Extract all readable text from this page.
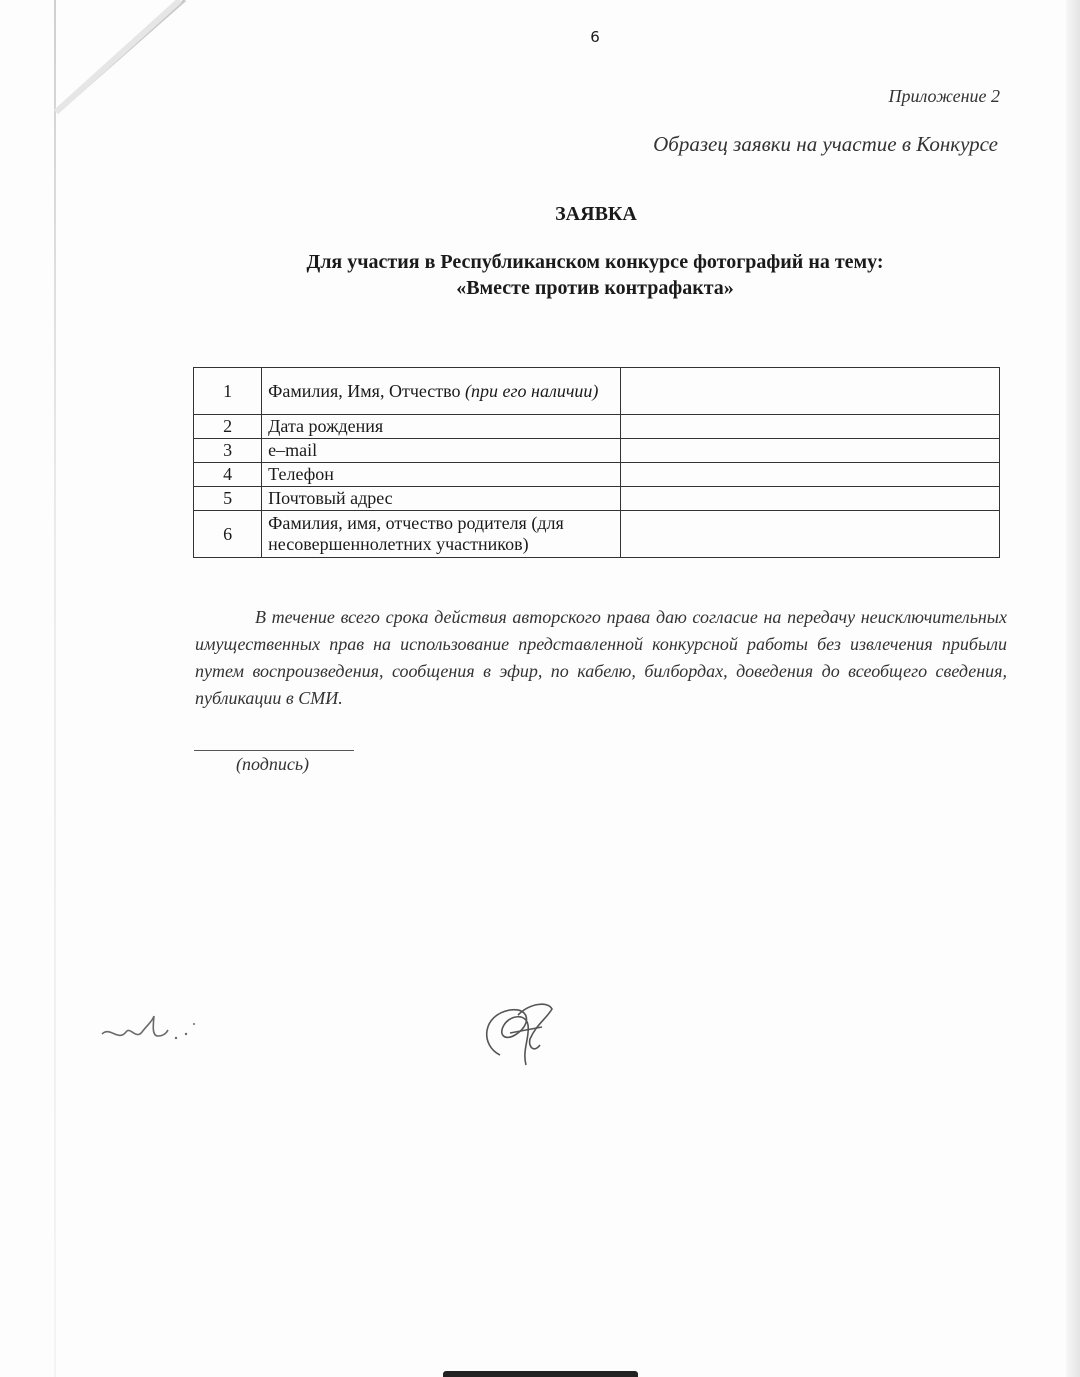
6
Приложение 2
Образец заявки на участие в Конкурсе
ЗАЯВКА
Для участия в Республиканском конкурсе фотографий на тему:
«Вместе против контрафакта»
1	Фамилия, Имя, Отчество (при его наличии)	
2	Дата рождения	
3	e–mail	
4	Телефон	
5	Почтовый адрес	
6	Фамилия, имя, отчество родителя (для несовершеннолетних участников)	
В течение всего срока действия авторского права даю согласие на передачу неисключительных имущественных прав на использование представленной конкурсной работы без извлечения прибыли путем воспроизведения, сообщения в эфир, по кабелю, билбордах, доведения до всеобщего сведения, публикации в СМИ.
(подпись)
